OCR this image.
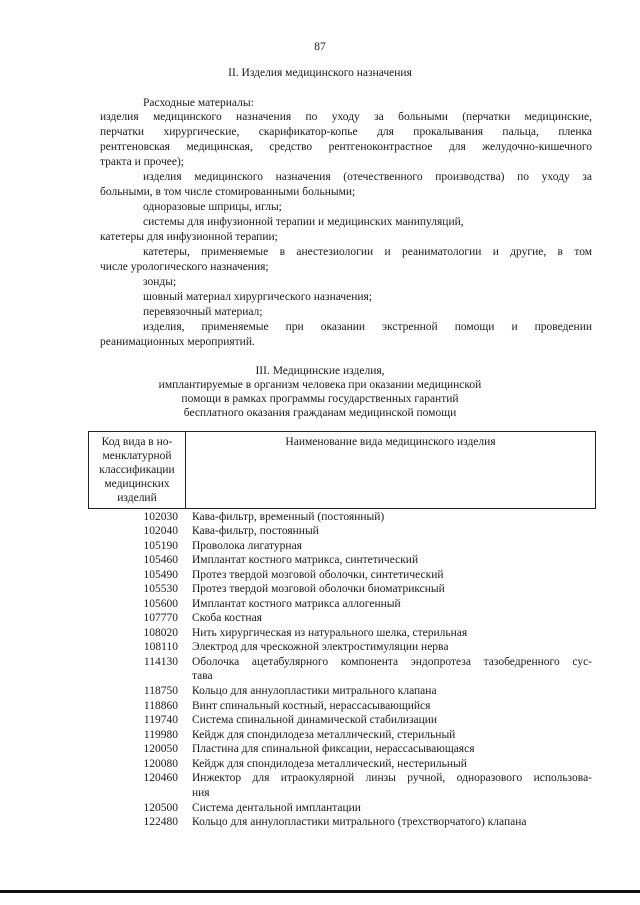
87
II. Изделия медицинского назначения
Расходные материалы:
изделия медицинского назначения по уходу за больными (перчатки медицинские,
перчатки хирургические, скарификатор-копье для прокалывания пальца, пленка
рентгеновская медицинская, средство рентгеноконтрастное для желудочно-кишечного
тракта и прочее);
изделия медицинского назначения (отечественного производства) по уходу за
больными, в том числе стомированными больными;
одноразовые шприцы, иглы;
системы для инфузионной терапии и медицинских манипуляций,
катетеры для инфузионной терапии;
катетеры, применяемые в анестезиологии и реаниматологии и другие, в том
числе урологического назначения;
зонды;
шовный материал хирургического назначения;
перевязочный материал;
изделия, применяемые при оказании экстренной помощи и проведении
реанимационных мероприятий.
III. Медицинские изделия,
имплантируемые в организм человека при оказании медицинской
помощи в рамках программы государственных гарантий
бесплатного оказания гражданам медицинской помощи
Код вида в но-
менклатурной
классификации
медицинских
изделий
Наименование вида медицинского изделия
102030 Кава-фильтр, временный (постоянный)
102040 Кава-фильтр, постоянный
105190 Проволока лигатурная
105460 Имплантат костного матрикса, синтетический
105490 Протез твердой мозговой оболочки, синтетический
105530 Протез твердой мозговой оболочки биоматриксный
105600 Имплантат костного матрикса аллогенный
107770 Скоба костная
108020 Нить хирургическая из натурального шелка, стерильная
108110 Электрод для чрескожной электростимуляции нерва
114130 Оболочка ацетабулярного компонента эндопротеза тазобедренного сус-
тава
118750 Кольцо для аннулопластики митрального клапана
118860 Винт спинальный костный, нерассасывающийся
119740 Система спинальной динамической стабилизации
119980 Кейдж для спондилодеза металлический, стерильный
120050 Пластина для спинальной фиксации, нерассасывающаяся
120080 Кейдж для спондилодеза металлический, нестерильный
120460 Инжектор для итраокулярной линзы ручной, одноразового использова-
ния
120500 Система дентальной имплантации
122480 Кольцо для аннулопластики митрального (трехстворчатого) клапана
